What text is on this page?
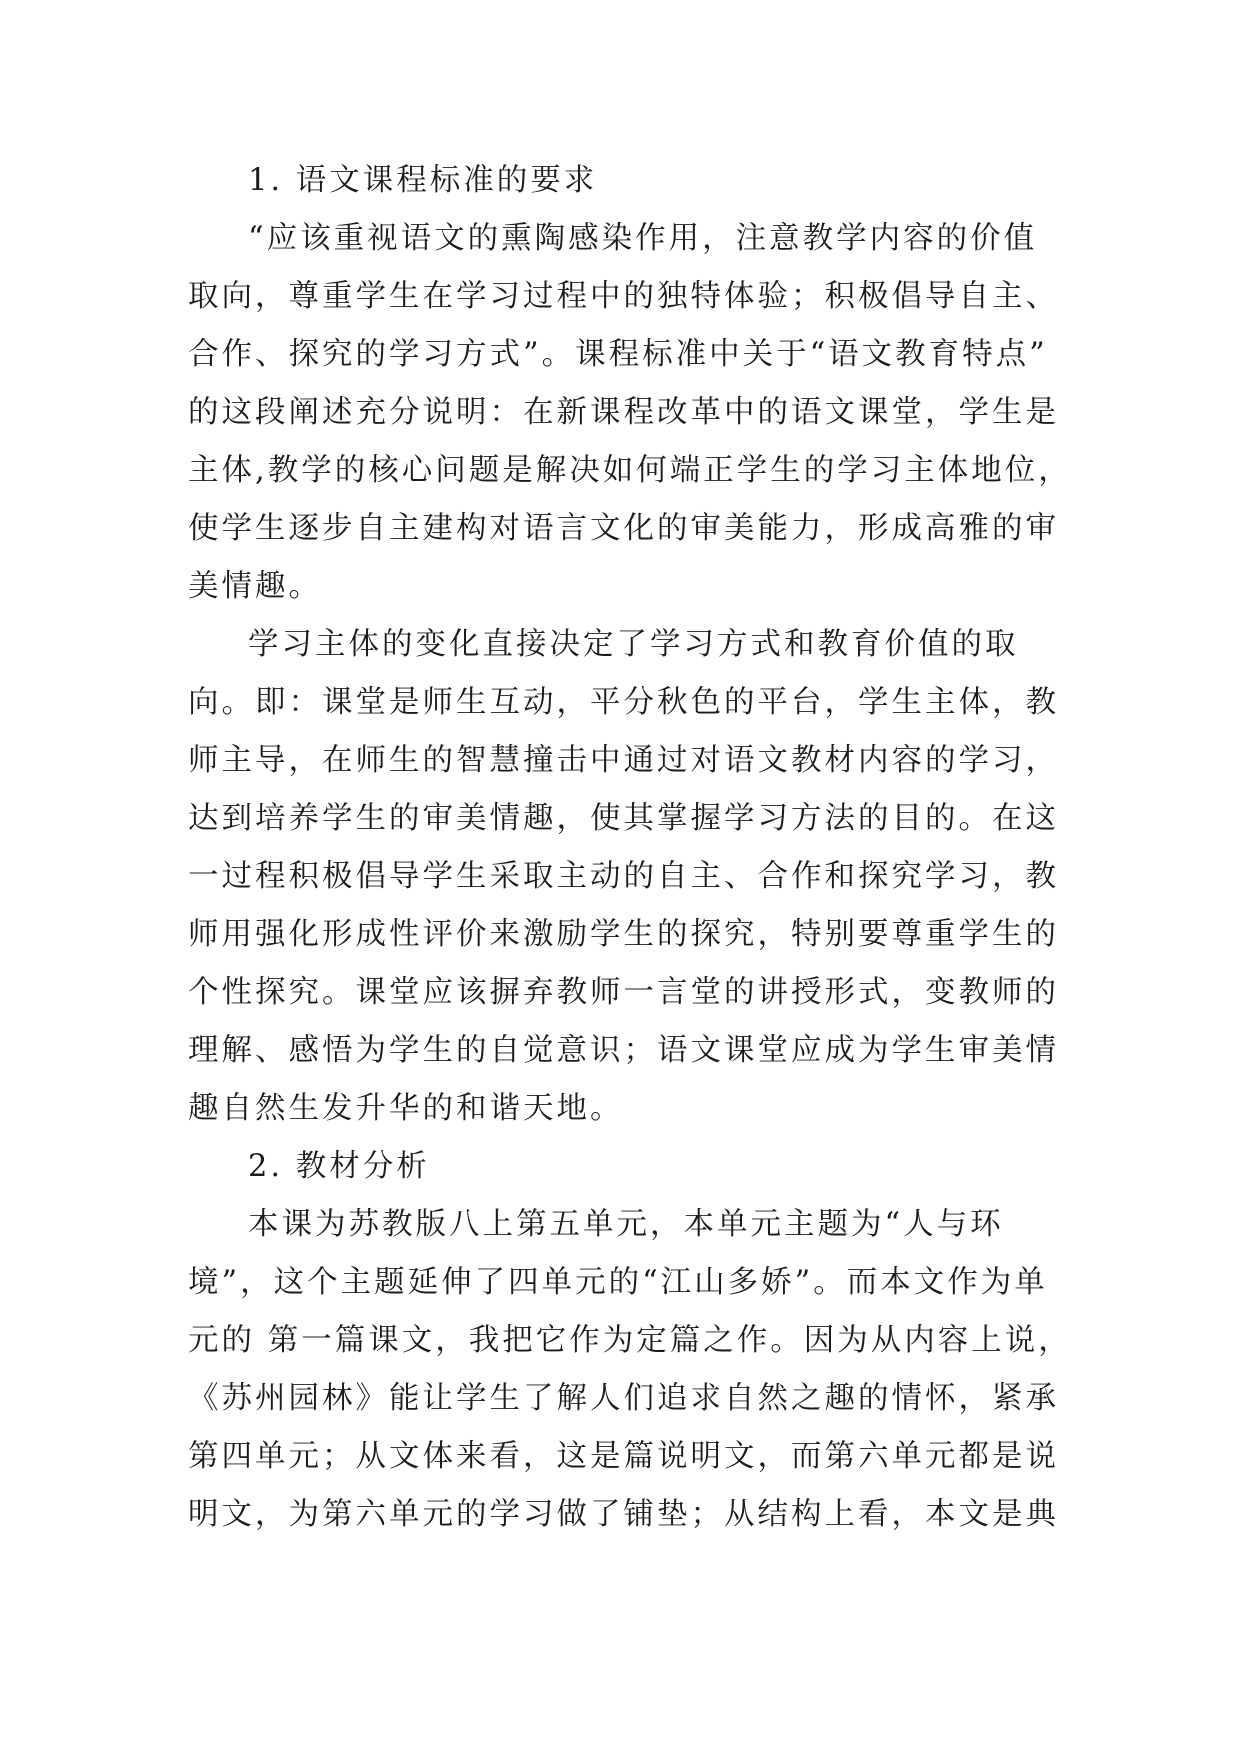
1. 语文课程标准的要求
“应该重视语文的熏陶感染作用，注意教学内容的价值
取向，尊重学生在学习过程中的独特体验；积极倡导自主、
合作、探究的学习方式”。课程标准中关于“语文教育特点”
的这段阐述充分说明：在新课程改革中的语文课堂，学生是
主体,教学的核心问题是解决如何端正学生的学习主体地位，
使学生逐步自主建构对语言文化的审美能力，形成高雅的审
美情趣。
学习主体的变化直接决定了学习方式和教育价值的取
向。即：课堂是师生互动，平分秋色的平台，学生主体，教
师主导，在师生的智慧撞击中通过对语文教材内容的学习，
达到培养学生的审美情趣，使其掌握学习方法的目的。在这
一过程积极倡导学生采取主动的自主、合作和探究学习，教
师用强化形成性评价来激励学生的探究，特别要尊重学生的
个性探究。课堂应该摒弃教师一言堂的讲授形式，变教师的
理解、感悟为学生的自觉意识；语文课堂应成为学生审美情
趣自然生发升华的和谐天地。
2. 教材分析
本课为苏教版八上第五单元，本单元主题为“人与环
境”，这个主题延伸了四单元的“江山多娇”。而本文作为单
元的 第一篇课文，我把它作为定篇之作。因为从内容上说，
《苏州园林》能让学生了解人们追求自然之趣的情怀，紧承
第四单元；从文体来看，这是篇说明文，而第六单元都是说
明文，为第六单元的学习做了铺垫；从结构上看，本文是典
